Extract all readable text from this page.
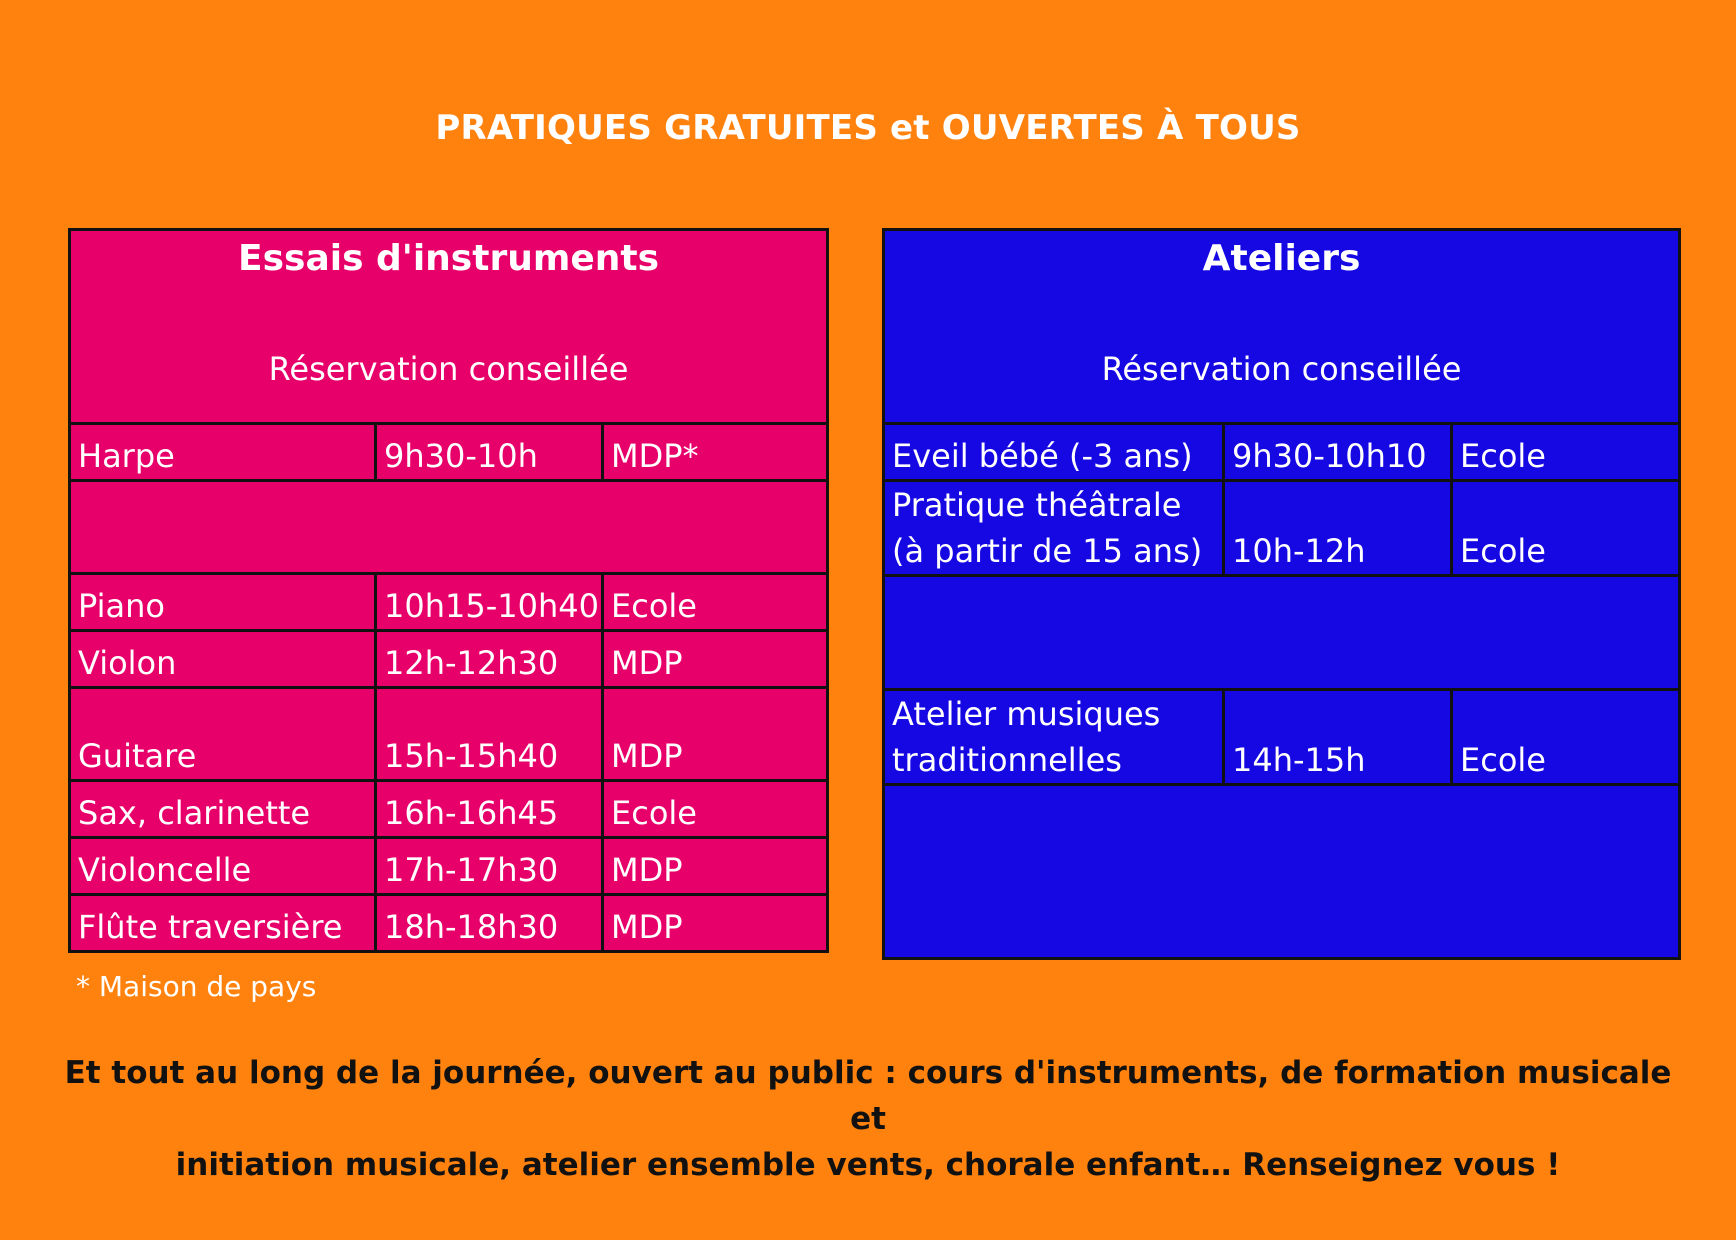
PRATIQUES GRATUITES et OUVERTES À TOUS
Essais d'instruments
Réservation conseillée		

Harpe	9h30-10h	MDP*

Piano	10h15-10h40	Ecole
Violon	12h-12h30	MDP
Guitare	15h-15h40	MDP
Sax, clarinette	16h-16h45	Ecole
Violoncelle	17h-17h30	MDP
Flûte traversière	18h-18h30	MDP
Ateliers
Réservation conseillée		

Eveil bébé (-3 ans)	9h30-10h10	Ecole

Pratique théâtrale
(à partir de 15 ans)	10h-12h	Ecole

Atelier musiques
traditionnelles	14h-15h	Ecole

* Maison de pays
Et tout au long de la journée, ouvert au public : cours d'instruments, de formation musicale et
initiation musicale, atelier ensemble vents, chorale enfant… Renseignez vous !
